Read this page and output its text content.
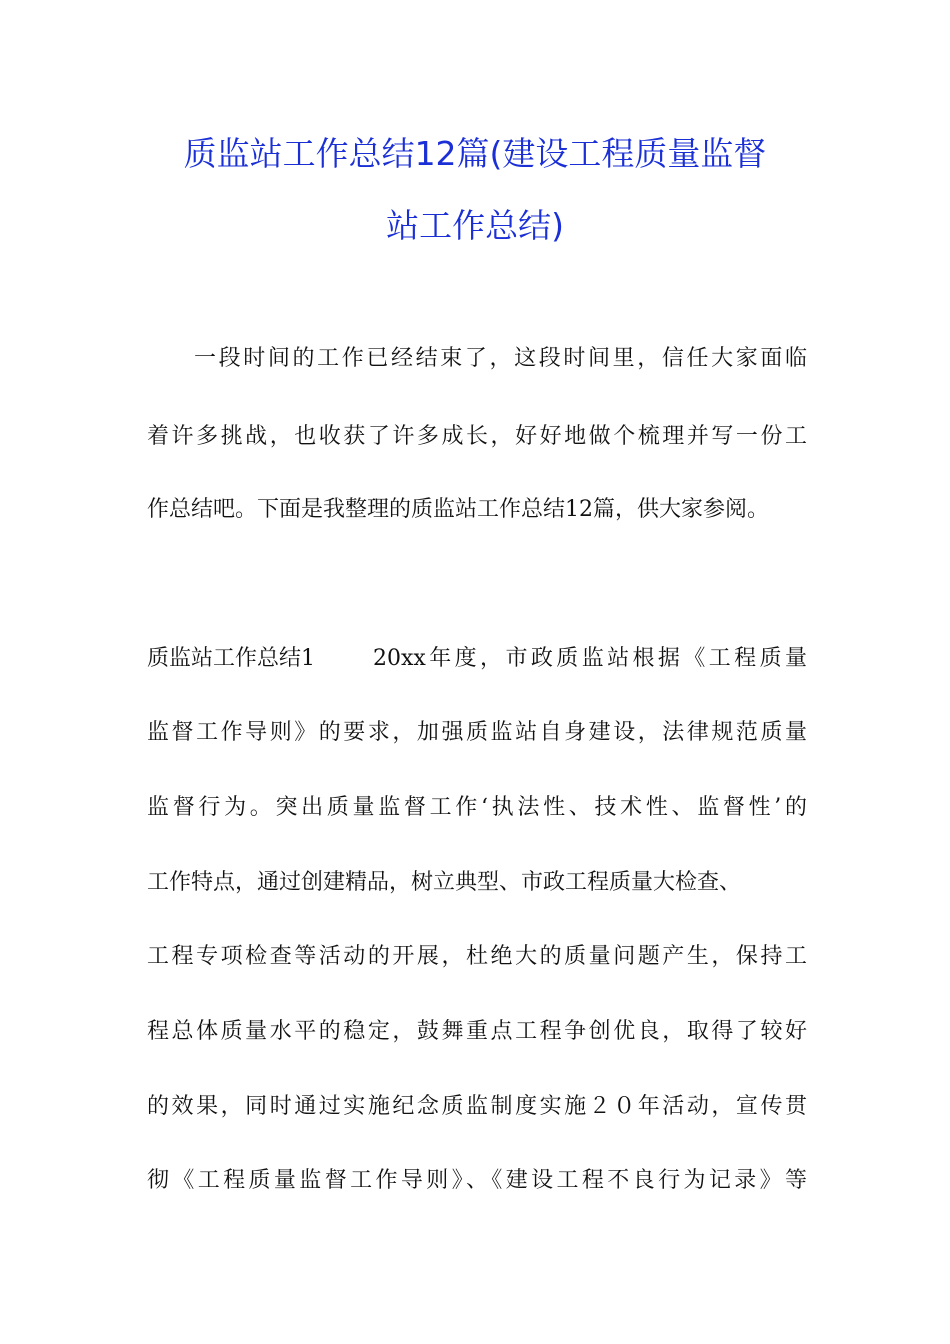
质监站工作总结12篇(建设工程质量监督
站工作总结)
一段时间的工作已经结束了，这段时间里，信任大家面临
着许多挑战，也收获了许多成长，好好地做个梳理并写一份工
作总结吧。下面是我整理的质监站工作总结12篇，供大家参阅。
质监站工作总结1	20xx年度，市政质监站根据《工程质量
监督工作导则》的要求，加强质监站自身建设，法律规范质量
监督行为。突出质量监督工作‘执法性、技术性、监督性’的
工作特点，通过创建精品，树立典型、市政工程质量大检查、
工程专项检查等活动的开展，杜绝大的质量问题产生，保持工
程总体质量水平的稳定，鼓舞重点工程争创优良，取得了较好
的效果，同时通过实施纪念质监制度实施２０年活动，宣传贯
彻《工程质量监督工作导则》、《建设工程不良行为记录》等
